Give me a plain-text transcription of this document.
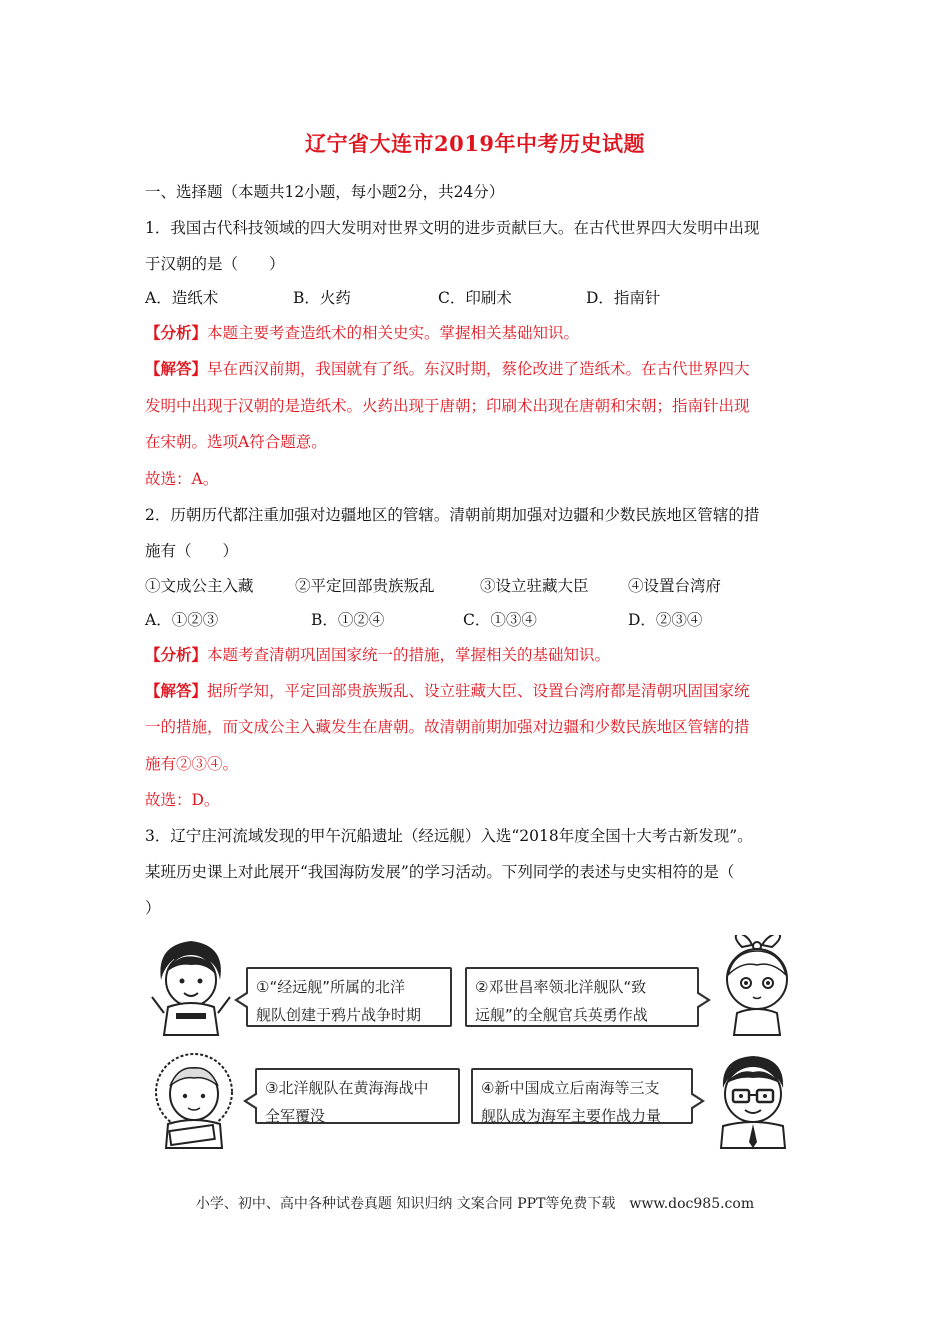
辽宁省大连市2019年中考历史试题
一、选择题（本题共12小题，每小题2分，共24分）
1．我国古代科技领域的四大发明对世界文明的进步贡献巨大。在古代世界四大发明中出现
于汉朝的是（　　）
A．造纸术	B．火药	C．印刷术	D．指南针
【分析】本题主要考查造纸术的相关史实。掌握相关基础知识。
【解答】早在西汉前期，我国就有了纸。东汉时期，蔡伦改进了造纸术。在古代世界四大
发明中出现于汉朝的是造纸术。火药出现于唐朝；印刷术出现在唐朝和宋朝；指南针出现
在宋朝。选项A符合题意。
故选：A。
2．历朝历代都注重加强对边疆地区的管辖。清朝前期加强对边疆和少数民族地区管辖的措
施有（　　）
①文成公主入藏	②平定回部贵族叛乱	③设立驻藏大臣	④设置台湾府
A．①②③	B．①②④	C．①③④	D．②③④
【分析】本题考查清朝巩固国家统一的措施，掌握相关的基础知识。
【解答】据所学知，平定回部贵族叛乱、设立驻藏大臣、设置台湾府都是清朝巩固国家统
一的措施，而文成公主入藏发生在唐朝。故清朝前期加强对边疆和少数民族地区管辖的措
施有②③④。
故选：D。
3．辽宁庄河流域发现的甲午沉船遗址（经远舰）入选“2018年度全国十大考古新发现”。
某班历史课上对此展开“我国海防发展”的学习活动。下列同学的表述与史实相符的是（
）
①“经远舰”所属的北洋
舰队创建于鸦片战争时期
②邓世昌率领北洋舰队“致
远舰”的全舰官兵英勇作战
③北洋舰队在黄海海战中
全军覆没
④新中国成立后南海等三支
舰队成为海军主要作战力量
小学、初中、高中各种试卷真题 知识归纳 文案合同 PPT等免费下载　www.doc985.com
